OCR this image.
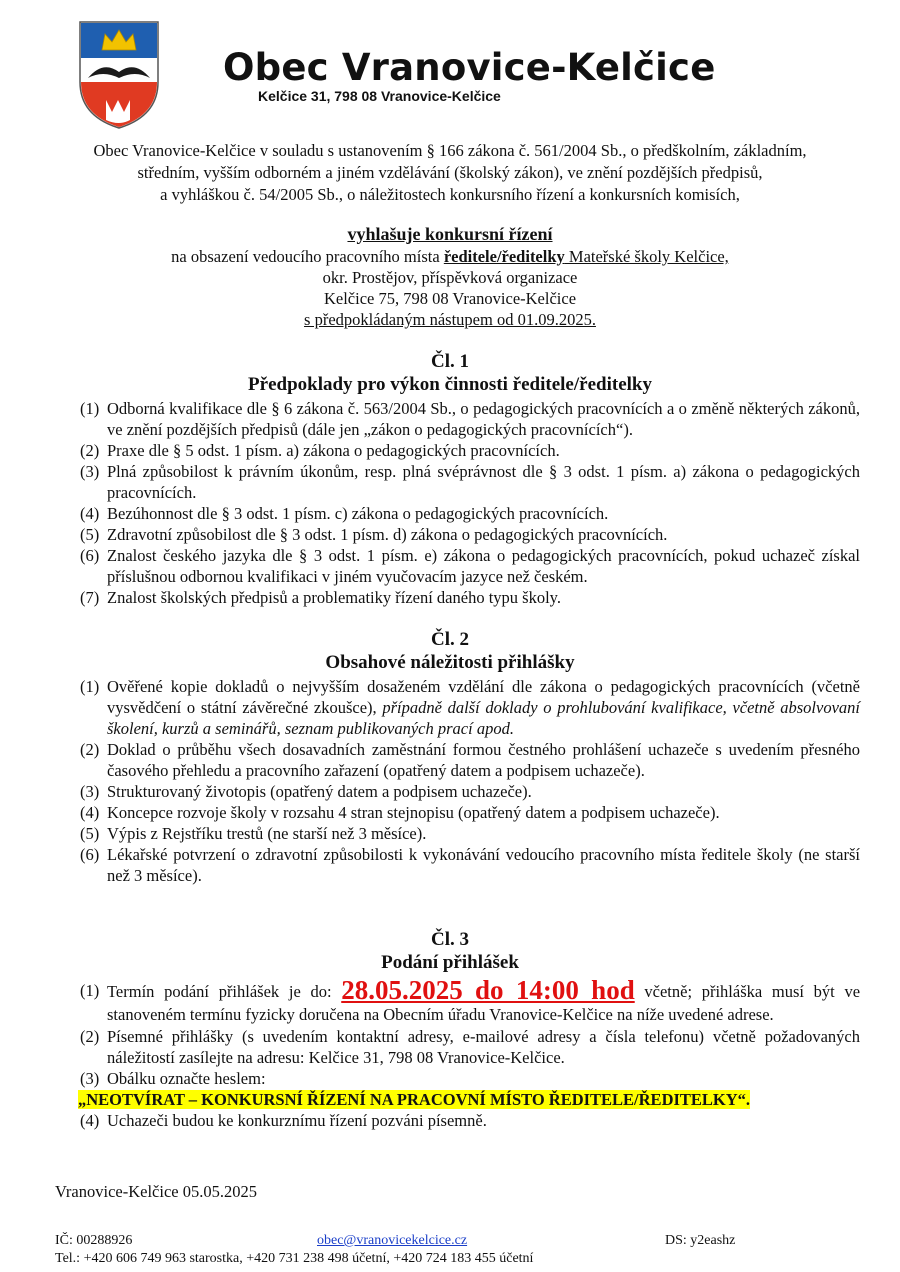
Obec Vranovice-Kelčice
Kelčice 31, 798 08 Vranovice-Kelčice
Obec Vranovice-Kelčice v souladu s ustanovením § 166 zákona č. 561/2004 Sb., o předškolním, základním,
středním, vyšším odborném a jiném vzdělávání (školský zákon), ve znění pozdějších předpisů,
a vyhláškou č. 54/2005 Sb., o náležitostech konkursního řízení a konkursních komisích,
vyhlašuje konkursní řízení
na obsazení vedoucího pracovního místa ředitele/ředitelky Mateřské školy Kelčice,
okr. Prostějov, příspěvková organizace
Kelčice 75, 798 08 Vranovice-Kelčice
s předpokládaným nástupem od 01.09.2025.
Čl. 1
Předpoklady pro výkon činnosti ředitele/ředitelky
(1) Odborná kvalifikace dle § 6 zákona č. 563/2004 Sb., o pedagogických pracovnících a o změně některých zákonů, ve znění pozdějších předpisů (dále jen „zákon o pedagogických pracovnících“).
(2) Praxe dle § 5 odst. 1 písm. a) zákona o pedagogických pracovnících.
(3) Plná způsobilost k právním úkonům, resp. plná svéprávnost dle § 3 odst. 1 písm. a) zákona o pedagogických pracovnících.
(4) Bezúhonnost dle § 3 odst. 1 písm. c) zákona o pedagogických pracovnících.
(5) Zdravotní způsobilost dle § 3 odst. 1 písm. d) zákona o pedagogických pracovnících.
(6) Znalost českého jazyka dle § 3 odst. 1 písm. e) zákona o pedagogických pracovnících, pokud uchazeč získal příslušnou odbornou kvalifikaci v jiném vyučovacím jazyce než českém.
(7) Znalost školských předpisů a problematiky řízení daného typu školy.
Čl. 2
Obsahové náležitosti přihlášky
(1) Ověřené kopie dokladů o nejvyšším dosaženém vzdělání dle zákona o pedagogických pracovnících (včetně vysvědčení o státní závěrečné zkoušce), případně další doklady o prohlubování kvalifikace, včetně absolvovaní školení, kurzů a seminářů, seznam publikovaných prací apod.
(2) Doklad o průběhu všech dosavadních zaměstnání formou čestného prohlášení uchazeče s uvedením přesného časového přehledu a pracovního zařazení (opatřený datem a podpisem uchazeče).
(3) Strukturovaný životopis (opatřený datem a podpisem uchazeče).
(4) Koncepce rozvoje školy v rozsahu 4 stran stejnopisu (opatřený datem a podpisem uchazeče).
(5) Výpis z Rejstříku trestů (ne starší než 3 měsíce).
(6) Lékařské potvrzení o zdravotní způsobilosti k vykonávání vedoucího pracovního místa ředitele školy (ne starší než 3 měsíce).
Čl. 3
Podání přihlášek
(1) Termín podání přihlášek je do: 28.05.2025 do 14:00 hod včetně; přihláška musí být ve stanoveném termínu fyzicky doručena na Obecním úřadu Vranovice-Kelčice na níže uvedené adrese.
(2) Písemné přihlášky (s uvedením kontaktní adresy, e-mailové adresy a čísla telefonu) včetně požadovaných náležitostí zasílejte na adresu: Kelčice 31, 798 08 Vranovice-Kelčice.
(3) Obálku označte heslem:
„NEOTVÍRAT – KONKURSNÍ ŘÍZENÍ NA PRACOVNÍ MÍSTO ŘEDITELE/ŘEDITELKY“.
(4) Uchazeči budou ke konkurznímu řízení pozváni písemně.
Vranovice-Kelčice 05.05.2025
IČ: 00288926	obec@vranovicekelcice.cz	DS: y2eashz
Tel.: +420 606 749 963 starostka, +420 731 238 498 účetní, +420 724 183 455 účetní
